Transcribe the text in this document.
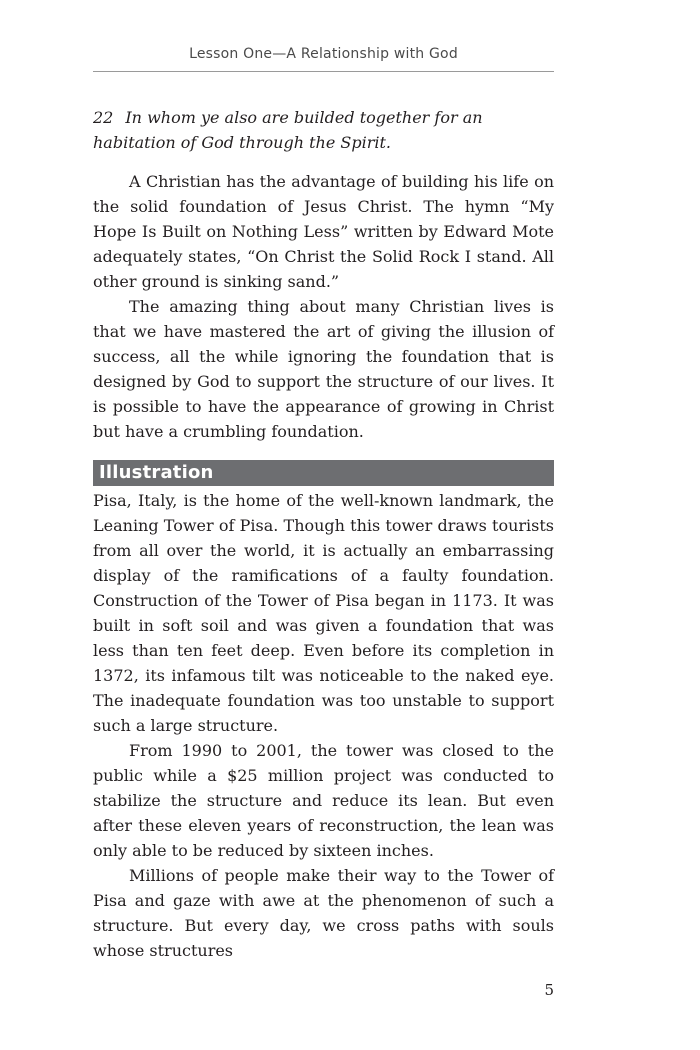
Lesson One—A Relationship with God

22 In whom ye also are builded together for an habitation of God through the Spirit.

A Christian has the advantage of building his life on the solid foundation of Jesus Christ. The hymn “My Hope Is Built on Nothing Less” written by Edward Mote adequately states, “On Christ the Solid Rock I stand. All other ground is sinking sand.”

The amazing thing about many Christian lives is that we have mastered the art of giving the illusion of success, all the while ignoring the foundation that is designed by God to support the structure of our lives. It is possible to have the appearance of growing in Christ but have a crumbling foundation.

Illustration

Pisa, Italy, is the home of the well-known landmark, the Leaning Tower of Pisa. Though this tower draws tourists from all over the world, it is actually an embarrassing display of the ramifications of a faulty foundation. Construction of the Tower of Pisa began in 1173. It was built in soft soil and was given a foundation that was less than ten feet deep. Even before its completion in 1372, its infamous tilt was noticeable to the naked eye. The inadequate foundation was too unstable to support such a large structure.

From 1990 to 2001, the tower was closed to the public while a $25 million project was conducted to stabilize the structure and reduce its lean. But even after these eleven years of reconstruction, the lean was only able to be reduced by sixteen inches.

Millions of people make their way to the Tower of Pisa and gaze with awe at the phenomenon of such a structure. But every day, we cross paths with souls whose structures

5
